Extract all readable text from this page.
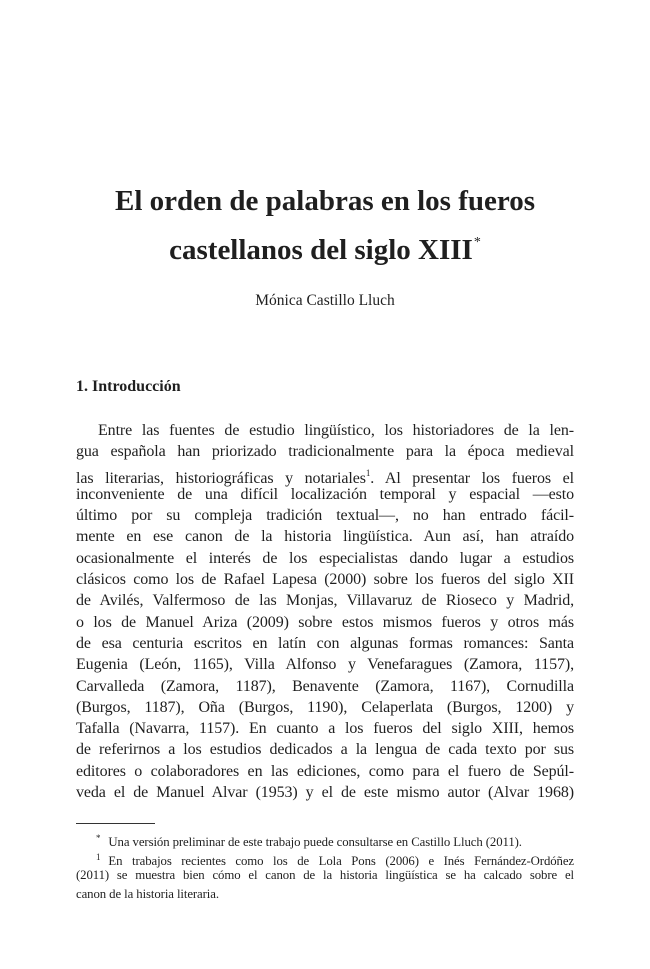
El orden de palabras en los fueros
castellanos del siglo XIII*
Mónica Castillo Lluch
1. Introducción
Entre las fuentes de estudio lingüístico, los historiadores de la len-
gua española han priorizado tradicionalmente para la época medieval
las literarias, historiográficas y notariales$^1$. Al presentar los fueros el
inconveniente de una difícil localización temporal y espacial —esto
último por su compleja tradición textual—, no han entrado fácil-
mente en ese canon de la historia lingüística. Aun así, han atraído
ocasionalmente el interés de los especialistas dando lugar a estudios
clásicos como los de Rafael Lapesa (2000) sobre los fueros del siglo XII
de Avilés, Valfermoso de las Monjas, Villavaruz de Rioseco y Madrid,
o los de Manuel Ariza (2009) sobre estos mismos fueros y otros más
de esa centuria escritos en latín con algunas formas romances: Santa
Eugenia (León, 1165), Villa Alfonso y Venefaragues (Zamora, 1157),
Carvalleda (Zamora, 1187), Benavente (Zamora, 1167), Cornudilla
(Burgos, 1187), Oña (Burgos, 1190), Celaperlata (Burgos, 1200) y
Tafalla (Navarra, 1157). En cuanto a los fueros del siglo XIII, hemos
de referirnos a los estudios dedicados a la lengua de cada texto por sus
editores o colaboradores en las ediciones, como para el fuero de Sepúl-
veda el de Manuel Alvar (1953) y el de este mismo autor (Alvar 1968)
* Una versión preliminar de este trabajo puede consultarse en Castillo Lluch (2011).
$^1$ En trabajos recientes como los de Lola Pons (2006) e Inés Fernández-Ordóñez
(2011) se muestra bien cómo el canon de la historia lingüística se ha calcado sobre el
canon de la historia literaria.
